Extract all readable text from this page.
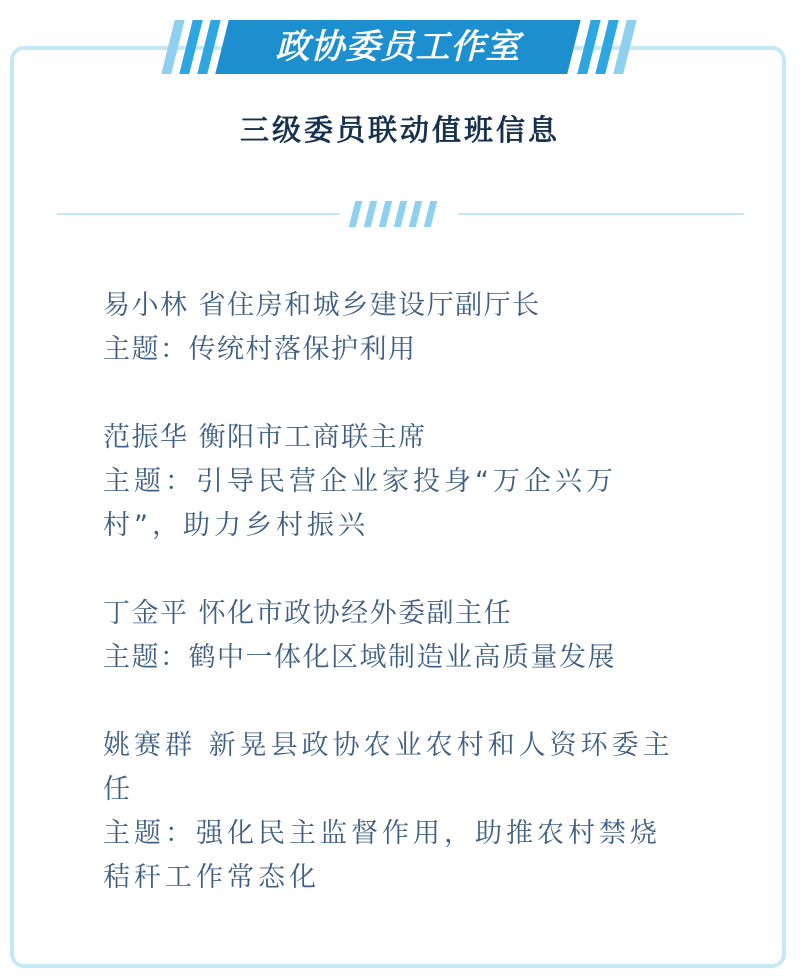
政协委员工作室
三级委员联动值班信息

易小林 省住房和城乡建设厅副厅长

主题：传统村落保护利用

范振华 衡阳市工商联主席

主题：引导民营企业家投身“万企兴万

村”，助力乡村振兴

丁金平 怀化市政协经外委副主任

主题：鹤中一体化区域制造业高质量发展

姚赛群 新晃县政协农业农村和人资环委主

任

主题：强化民主监督作用，助推农村禁烧

秸秆工作常态化
